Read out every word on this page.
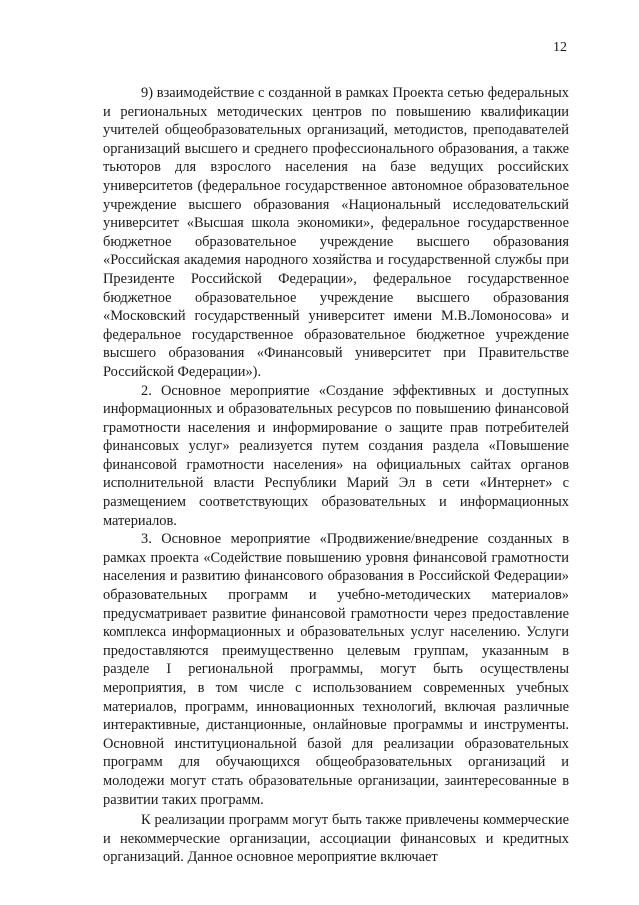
12

9) взаимодействие с созданной в рамках Проекта сетью федеральных и региональных методических центров по повышению квалификации учителей общеобразовательных организаций, методистов, преподавателей организаций высшего и среднего профессионального образования, а также тьюторов для взрослого населения на базе ведущих российских университетов (федеральное государственное автономное образовательное учреждение высшего образования «Национальный исследовательский университет «Высшая школа экономики», федеральное государственное бюджетное образовательное учреждение высшего образования «Российская академия народного хозяйства и государственной службы при Президенте Российской Федерации», федеральное государственное бюджетное образовательное учреждение высшего образования «Московский государственный университет имени М.В.Ломоносова» и федеральное государственное образовательное бюджетное учреждение высшего образования «Финансовый университет при Правительстве Российской Федерации»).

2. Основное мероприятие «Создание эффективных и доступных информационных и образовательных ресурсов по повышению финансовой грамотности населения и информирование о защите прав потребителей финансовых услуг» реализуется путем создания раздела «Повышение финансовой грамотности населения» на официальных сайтах органов исполнительной власти Республики Марий Эл в сети «Интернет» с размещением соответствующих образовательных и информационных материалов.

3. Основное мероприятие «Продвижение/внедрение созданных в рамках проекта «Содействие повышению уровня финансовой грамотности населения и развитию финансового образования в Российской Федерации» образовательных программ и учебно-методических материалов» предусматривает развитие финансовой грамотности через предоставление комплекса информационных и образовательных услуг населению. Услуги предоставляются преимущественно целевым группам, указанным в разделе I региональной программы, могут быть осуществлены мероприятия, в том числе с использованием современных учебных материалов, программ, инновационных технологий, включая различные интерактивные, дистанционные, онлайновые программы и инструменты. Основной институциональной базой для реализации образовательных программ для обучающихся общеобразовательных организаций и молодежи могут стать образовательные организации, заинтересованные в развитии таких программ.

К реализации программ могут быть также привлечены коммерческие и некоммерческие организации, ассоциации финансовых и кредитных организаций. Данное основное мероприятие включает
